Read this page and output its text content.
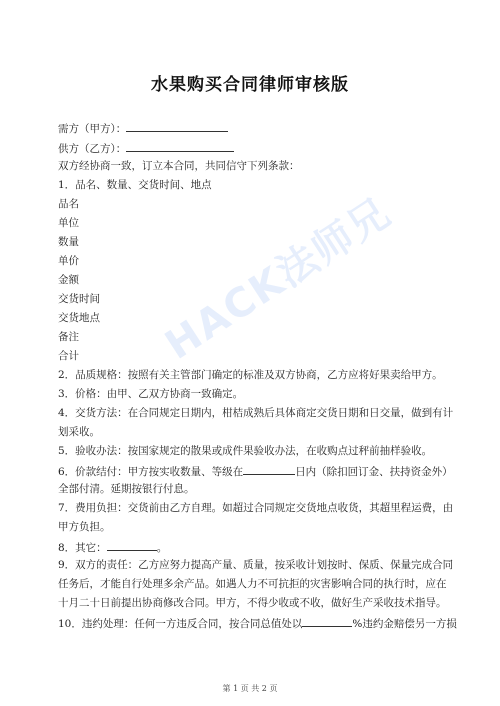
HACK法师兄
水果购买合同律师审核版
需方（甲方）：
供方（乙方）：
双方经协商一致，订立本合同，共同信守下列条款：
1．品名、数量、交货时间、地点
品名
单位
数量
单价
金额
交货时间
交货地点
备注
合计
2．品质规格：按照有关主管部门确定的标准及双方协商，乙方应将好果卖给甲方。
3．价格：由甲、乙双方协商一致确定。
4．交货方法：在合同规定日期内，柑桔成熟后具体商定交货日期和日交量，做到有计
划采收。
5．验收办法：按国家规定的散果或成件果验收办法，在收购点过秤前抽样验收。
6．价款结付：甲方按实收数量、等级在	日内（除扣回订金、扶持资金外）
全部付清。延期按银行付息。
7．费用负担：交货前由乙方自理。如超过合同规定交货地点收货，其超里程运费，由
甲方负担。
8．其它：	。
9．双方的责任：乙方应努力提高产量、质量，按采收计划按时、保质、保量完成合同
任务后，才能自行处理多余产品。如遇人力不可抗拒的灾害影响合同的执行时，应在
十月二十日前提出协商修改合同。甲方，不得少收或不收，做好生产采收技术指导。
10．违约处理：任何一方违反合同，按合同总值处以	%违约金赔偿另一方损
第 1 页 共 2 页
